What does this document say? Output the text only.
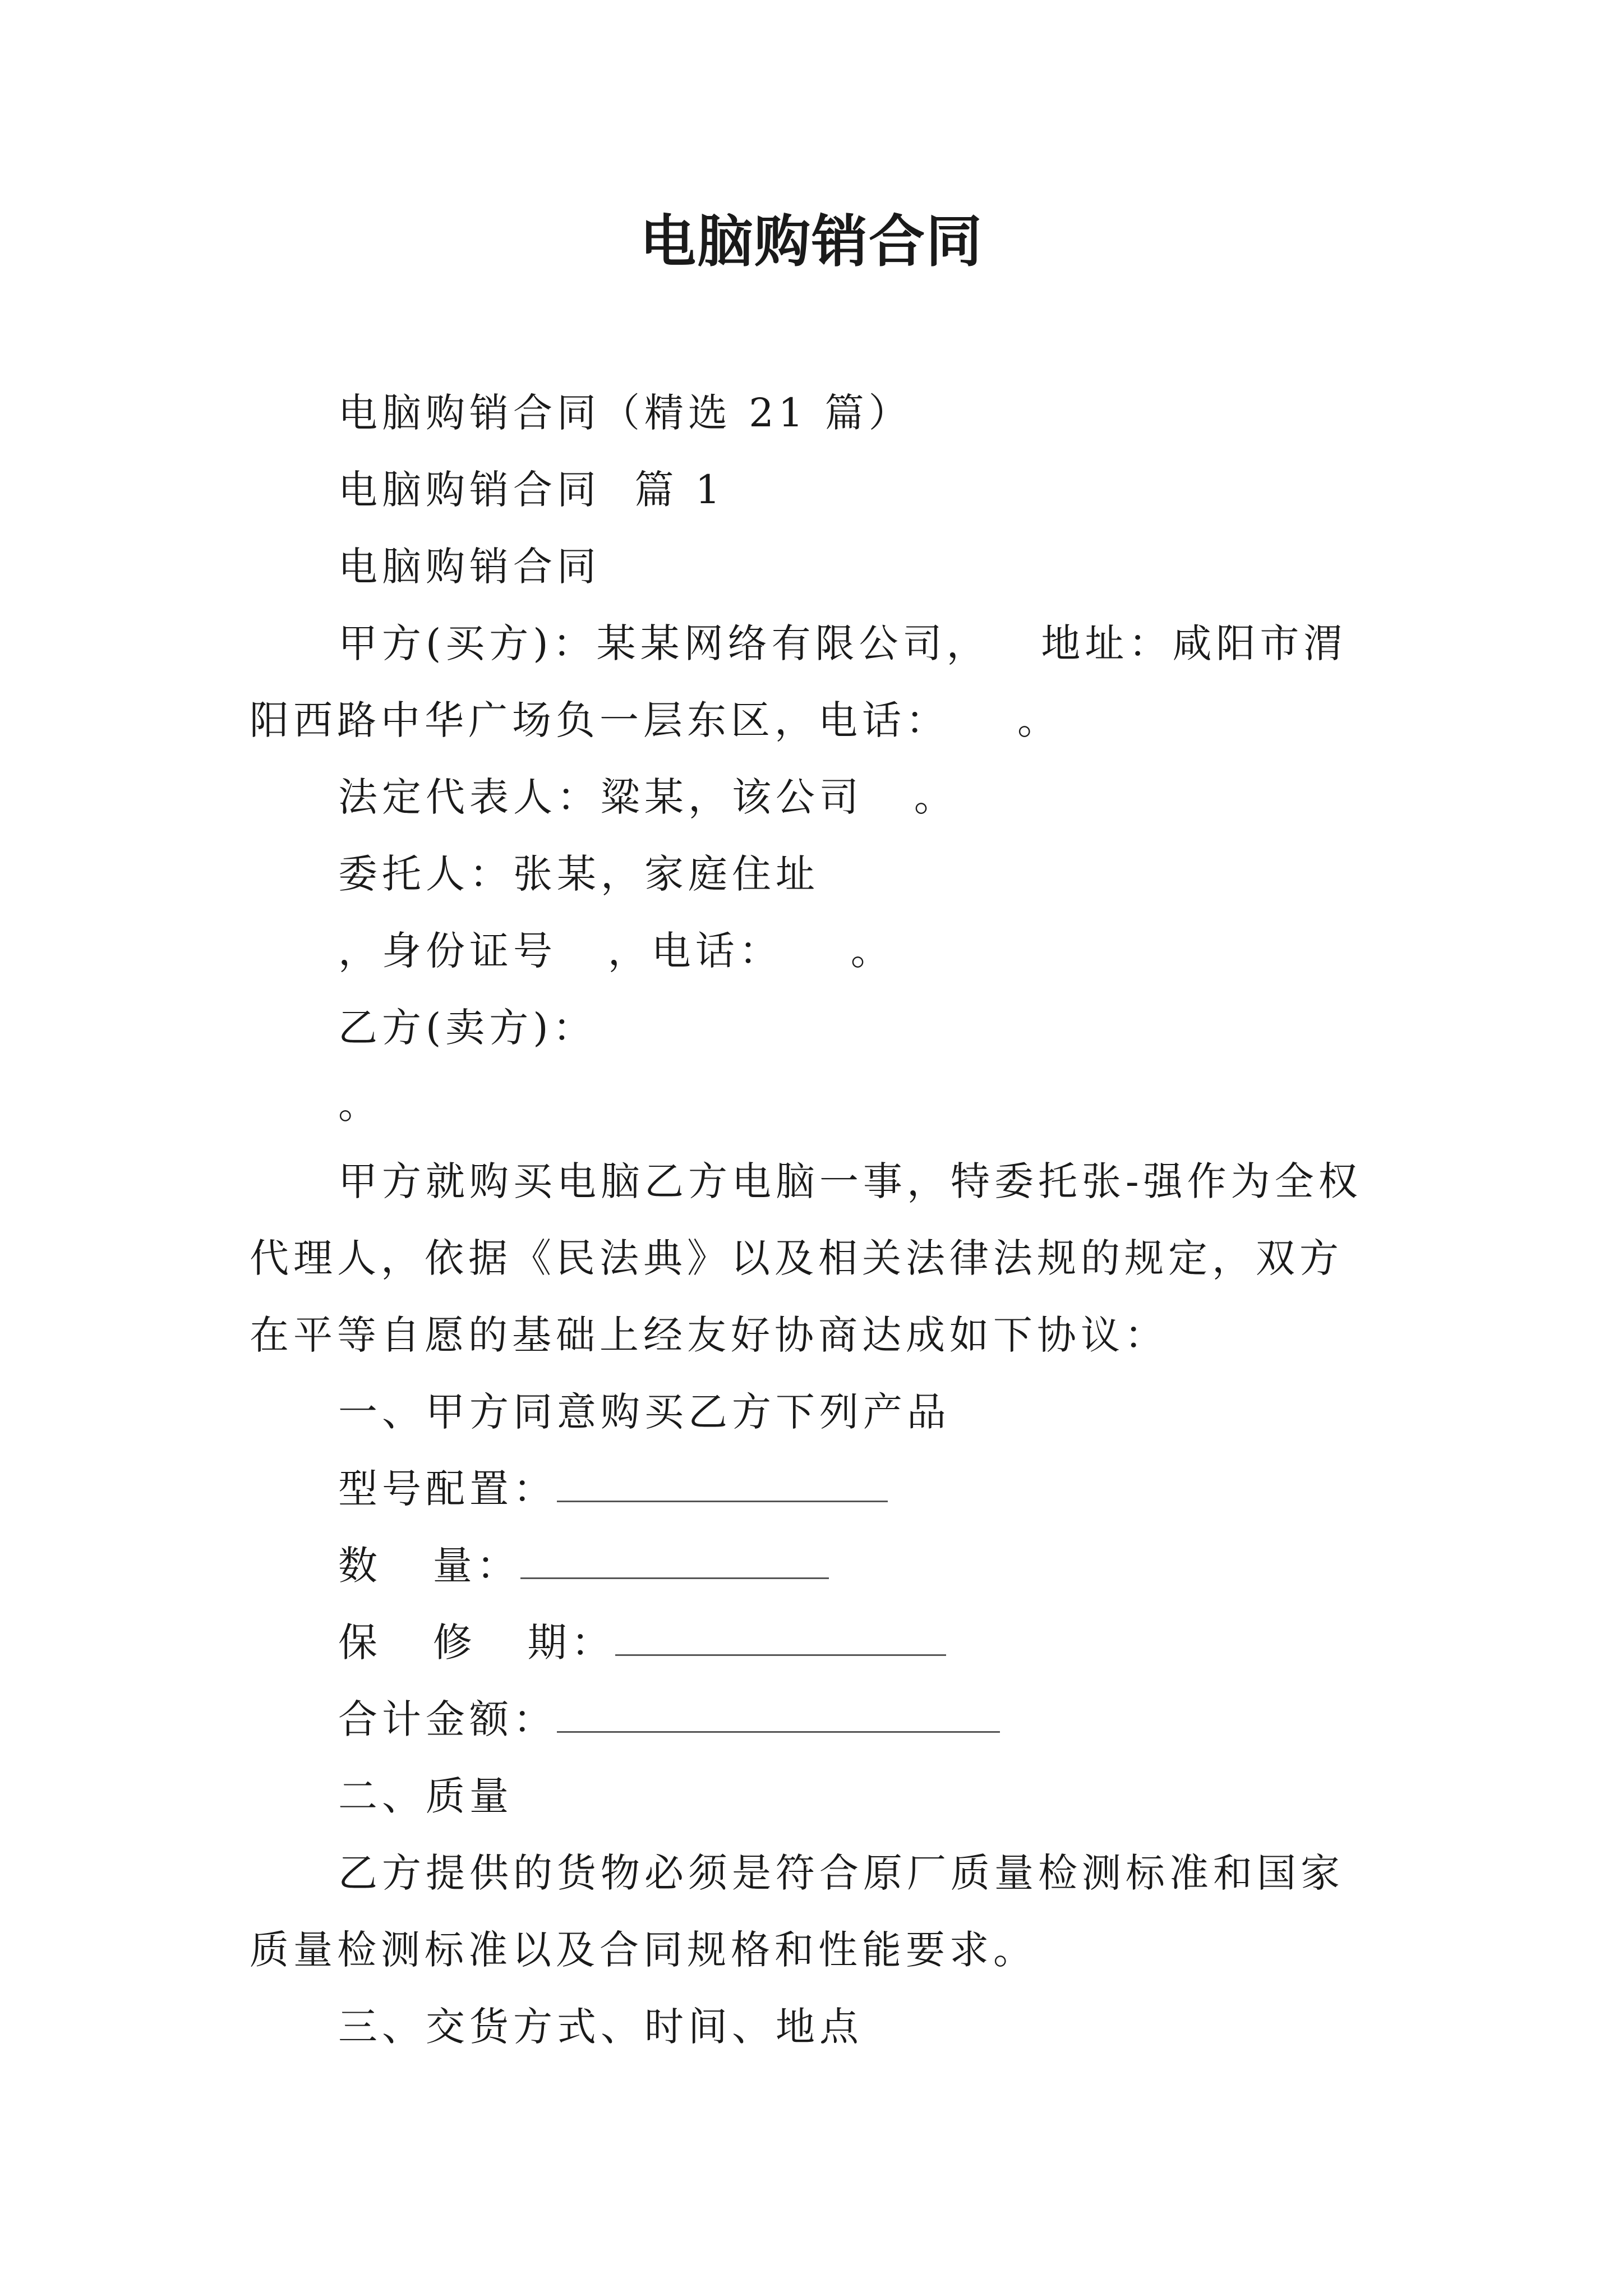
电脑购销合同

电脑购销合同（精选 21 篇）

电脑购销合同  篇 1

电脑购销合同

甲方(买方)：某某网络有限公司，   地址：咸阳市渭阳西路中华广场负一层东区，电话：    。

法定代表人：粱某，该公司   。

委托人：张某，家庭住址

，身份证号   ，电话：    。

乙方(卖方)：

。

甲方就购买电脑乙方电脑一事，特委托张-强作为全权代理人，依据《民法典》以及相关法律法规的规定，双方在平等自愿的基础上经友好协商达成如下协议：

一、甲方同意购买乙方下列产品

型号配置：

数   量：

保   修   期：

合计金额：

二、质量

乙方提供的货物必须是符合原厂质量检测标准和国家质量检测标准以及合同规格和性能要求。

三、交货方式、时间、地点
